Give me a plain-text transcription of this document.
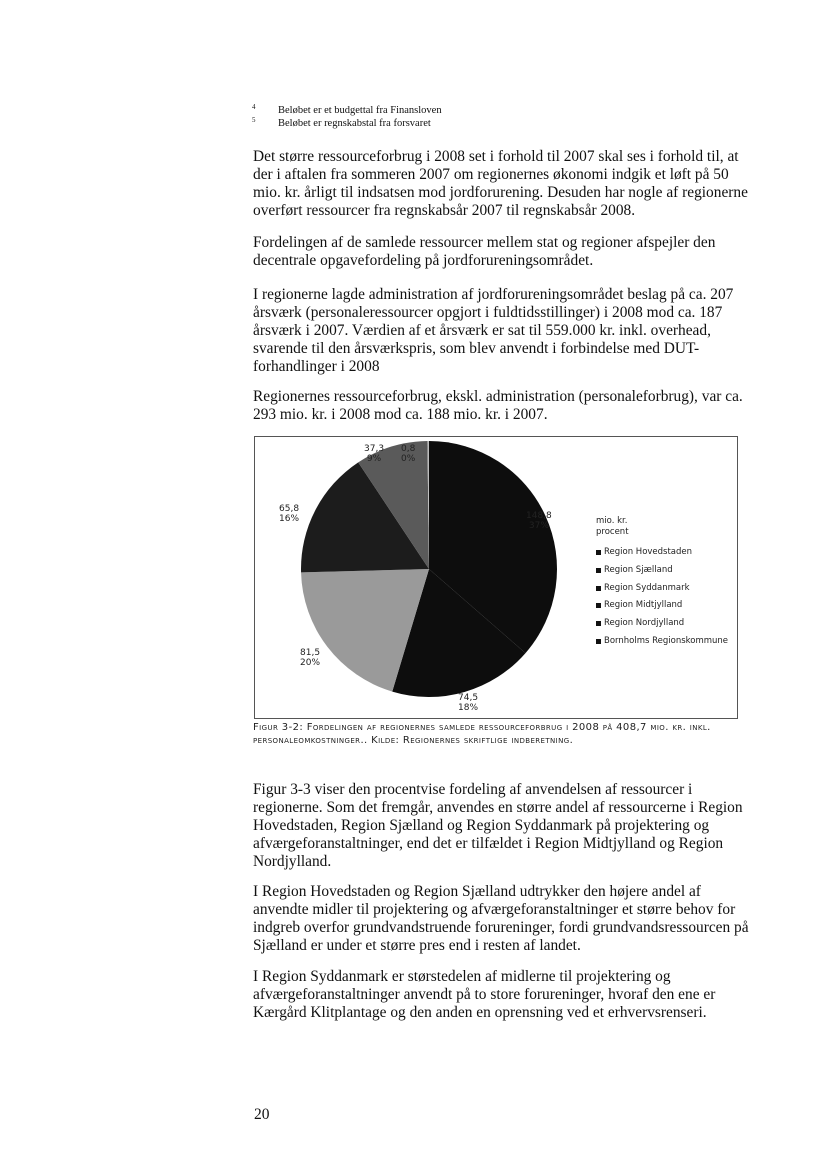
4 Beløbet er et budgettal fra Finansloven
5 Beløbet er regnskabstal fra forsvaret

Det større ressourceforbrug i 2008 set i forhold til 2007 skal ses i forhold til, at der i aftalen fra sommeren 2007 om regionernes økonomi indgik et løft på 50 mio. kr. årligt til indsatsen mod jordforurening. Desuden har nogle af regionerne overført ressourcer fra regnskabsår 2007 til regnskabsår 2008.

Fordelingen af de samlede ressourcer mellem stat og regioner afspejler den decentrale opgavefordeling på jordforureningsområdet.

I regionerne lagde administration af jordforureningsområdet beslag på ca. 207 årsværk (personaleressourcer opgjort i fuldtidsstillinger) i 2008 mod ca. 187 årsværk i 2007. Værdien af et årsværk er sat til 559.000 kr. inkl. overhead, svarende til den årsværkspris, som blev anvendt i forbindelse med DUT-forhandlinger i 2008

Regionernes ressourceforbrug, ekskl. administration (personaleforbrug), var ca. 293 mio. kr. i 2008 mod ca. 188 mio. kr. i 2007.

148,8
37%
74,5
18%
81,5
20%
65,8
16%
37,3
9%
0,8
0%
mio. kr.
procent
Region Hovedstaden
Region Sjælland
Region Syddanmark
Region Midtjylland
Region Nordjylland
Bornholms Regionskommune
Figur 3-2: Fordelingen af regionernes samlede ressourceforbrug i 2008 på 408,7 mio. kr. inkl. personaleomkostninger.. Kilde: Regionernes skriftlige indberetning.

Figur 3-3 viser den procentvise fordeling af anvendelsen af ressourcer i regionerne. Som det fremgår, anvendes en større andel af ressourcerne i Region Hovedstaden, Region Sjælland og Region Syddanmark på projektering og afværgeforanstaltninger, end det er tilfældet i Region Midtjylland og Region Nordjylland.

I Region Hovedstaden og Region Sjælland udtrykker den højere andel af anvendte midler til projektering og afværgeforanstaltninger et større behov for indgreb overfor grundvandstruende forureninger, fordi grundvandsressourcen på Sjælland er under et større pres end i resten af landet.

I Region Syddanmark er størstedelen af midlerne til projektering og afværgeforanstaltninger anvendt på to store forureninger, hvoraf den ene er Kærgård Klitplantage og den anden en oprensning ved et erhvervsrenseri.

20
